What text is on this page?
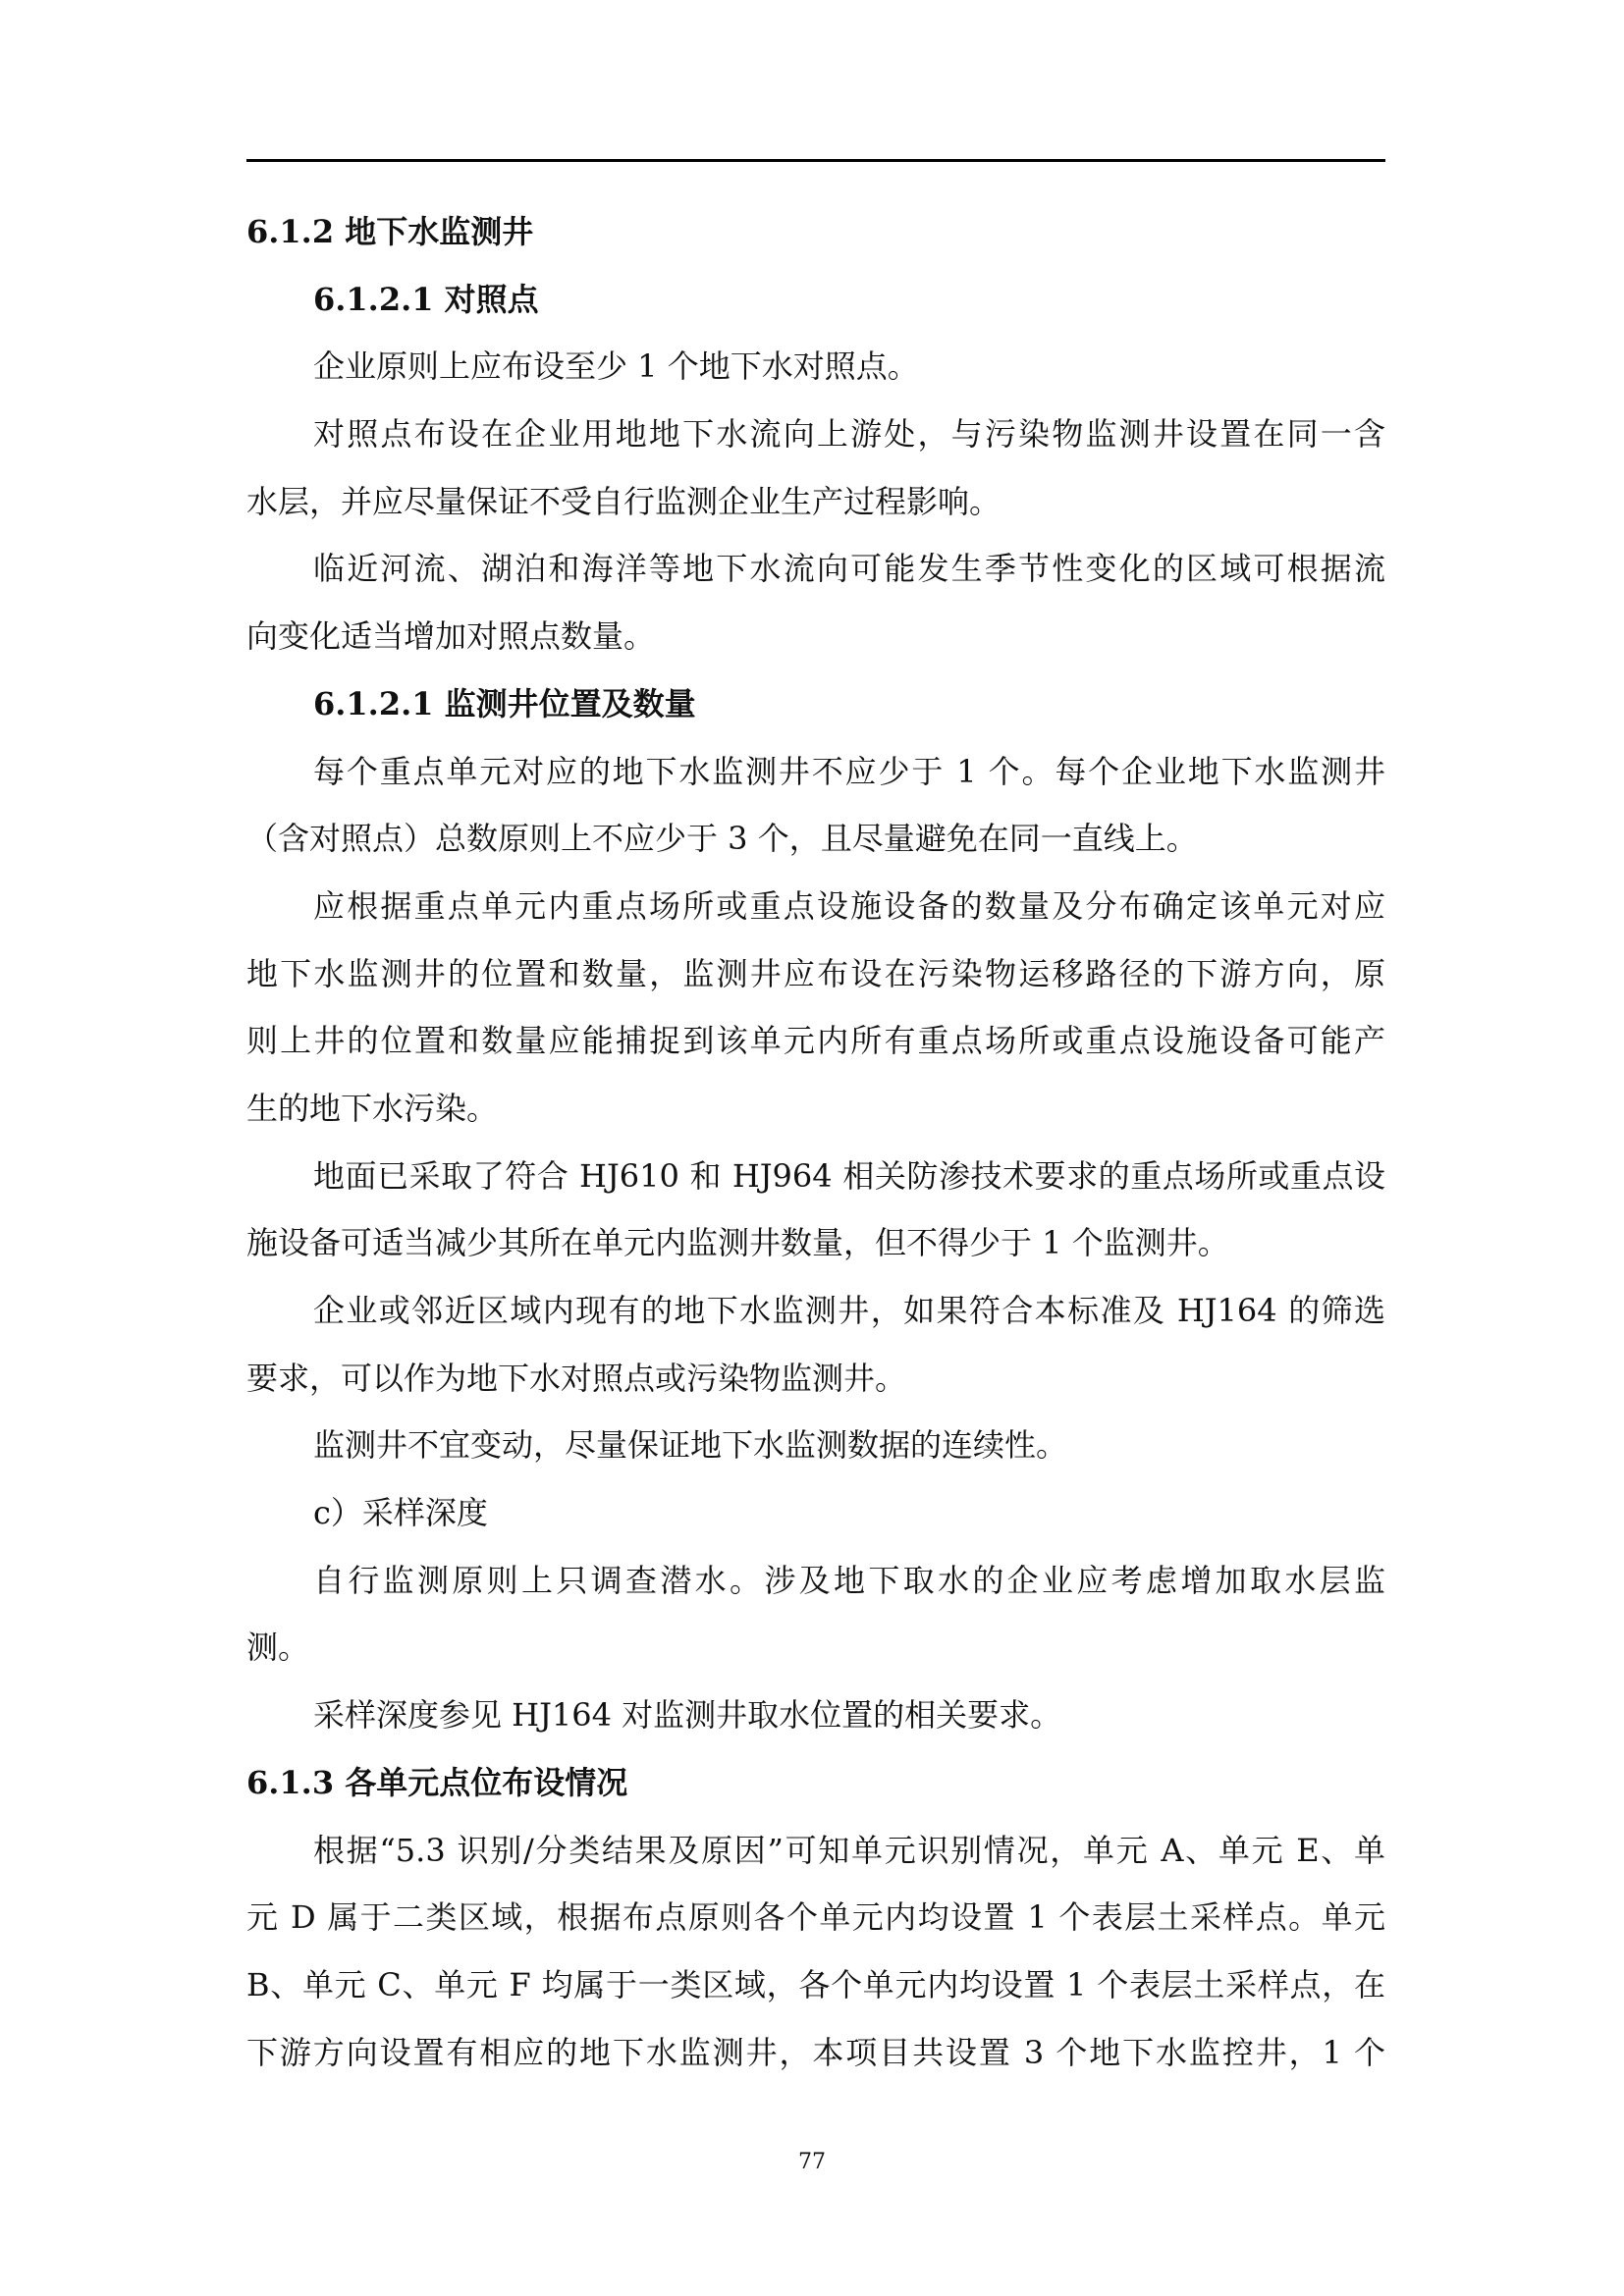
6.1.2 地下水监测井
6.1.2.1 对照点
企业原则上应布设至少 1 个地下水对照点。
对照点布设在企业用地地下水流向上游处，与污染物监测井设置在同一含
水层，并应尽量保证不受自行监测企业生产过程影响。
临近河流、湖泊和海洋等地下水流向可能发生季节性变化的区域可根据流
向变化适当增加对照点数量。
6.1.2.1 监测井位置及数量
每个重点单元对应的地下水监测井不应少于 1 个。每个企业地下水监测井
（含对照点）总数原则上不应少于 3 个，且尽量避免在同一直线上。
应根据重点单元内重点场所或重点设施设备的数量及分布确定该单元对应
地下水监测井的位置和数量，监测井应布设在污染物运移路径的下游方向，原
则上井的位置和数量应能捕捉到该单元内所有重点场所或重点设施设备可能产
生的地下水污染。
地面已采取了符合 HJ610 和 HJ964 相关防渗技术要求的重点场所或重点设
施设备可适当减少其所在单元内监测井数量，但不得少于 1 个监测井。
企业或邻近区域内现有的地下水监测井，如果符合本标准及 HJ164 的筛选
要求，可以作为地下水对照点或污染物监测井。
监测井不宜变动，尽量保证地下水监测数据的连续性。
c）采样深度
自行监测原则上只调查潜水。涉及地下取水的企业应考虑增加取水层监
测。
采样深度参见 HJ164 对监测井取水位置的相关要求。
6.1.3 各单元点位布设情况
根据“5.3 识别/分类结果及原因”可知单元识别情况，单元 A、单元 E、单
元 D 属于二类区域，根据布点原则各个单元内均设置 1 个表层土采样点。单元
B、单元 C、单元 F 均属于一类区域，各个单元内均设置 1 个表层土采样点，在
下游方向设置有相应的地下水监测井，本项目共设置 3 个地下水监控井，1 个
77
